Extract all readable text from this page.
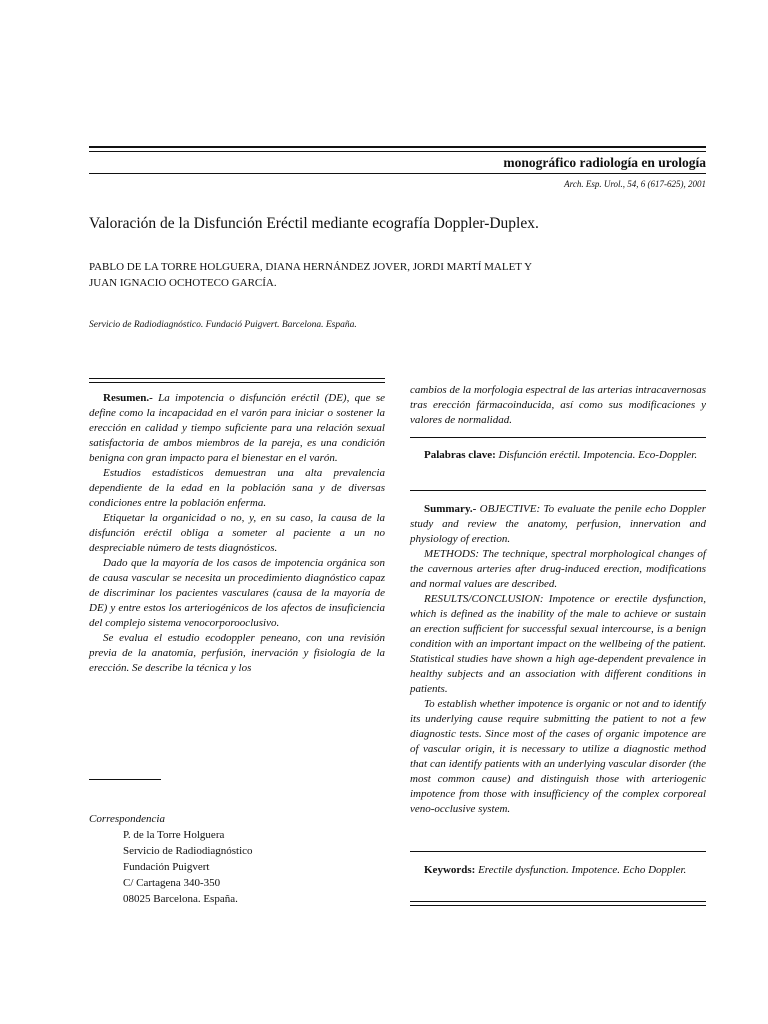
monográfico radiología en urología
Arch. Esp. Urol., 54, 6 (617-625), 2001
Valoración de la Disfunción Eréctil mediante ecografía Doppler-Duplex.
PABLO DE LA TORRE HOLGUERA, DIANA HERNÁNDEZ JOVER, JORDI MARTÍ MALET Y
JUAN IGNACIO OCHOTECO GARCÍA.
Servicio de Radiodiagnóstico. Fundació Puigvert. Barcelona. España.

Resumen.- La impotencia o disfunción eréctil (DE), que se define como la incapacidad en el varón para iniciar o sostener la erección en calidad y tiempo suficiente para una relación sexual satisfactoria de ambos miembros de la pareja, es una condición benigna con gran impacto para el bienestar en el varón.

Estudios estadísticos demuestran una alta prevalencia dependiente de la edad en la población sana y de diversas condiciones entre la población enferma.

Etiquetar la organicidad o no, y, en su caso, la causa de la disfunción eréctil obliga a someter al paciente a un no despreciable número de tests diagnósticos.

Dado que la mayoría de los casos de impotencia orgánica son de causa vascular se necesita un procedimiento diagnóstico capaz de discriminar los pacientes vasculares (causa de la mayoría de DE) y entre estos los arteriogénicos de los afectos de insuficiencia del complejo sistema venocorporooclusivo.

Se evalua el estudio ecodoppler peneano, con una revisión previa de la anatomía, perfusión, inervación y fisiología de la erección. Se describe la técnica y los

Correspondencia
P. de la Torre Holguera
Servicio de Radiodiagnóstico
Fundación Puigvert
C/ Cartagena 340-350
08025 Barcelona. España.

cambios de la morfologia espectral de las arterias intracavernosas tras erección fármacoinducida, así como sus modificaciones y valores de normalidad.

Palabras clave: Disfunción eréctil. Impotencia. Eco-Doppler.

Summary.- OBJECTIVE: To evaluate the penile echo Doppler study and review the anatomy, perfusion, innervation and physiology of erection.

METHODS: The technique, spectral morphological changes of the cavernous arteries after drug-induced erection, modifications and normal values are described.

RESULTS/CONCLUSION: Impotence or erectile dysfunction, which is defined as the inability of the male to achieve or sustain an erection sufficient for successful sexual intercourse, is a benign condition with an important impact on the wellbeing of the patient. Statistical studies have shown a high age-dependent prevalence in healthy subjects and an association with different conditions in patients.

To establish whether impotence is organic or not and to identify its underlying cause require submitting the patient to not a few diagnostic tests. Since most of the cases of organic impotence are of vascular origin, it is necessary to utilize a diagnostic method that can identify patients with an underlying vascular disorder (the most common cause) and distinguish those with arteriogenic impotence from those with insufficiency of the complex corporeal veno-occlusive system.

Keywords: Erectile dysfunction. Impotence. Echo Doppler.
